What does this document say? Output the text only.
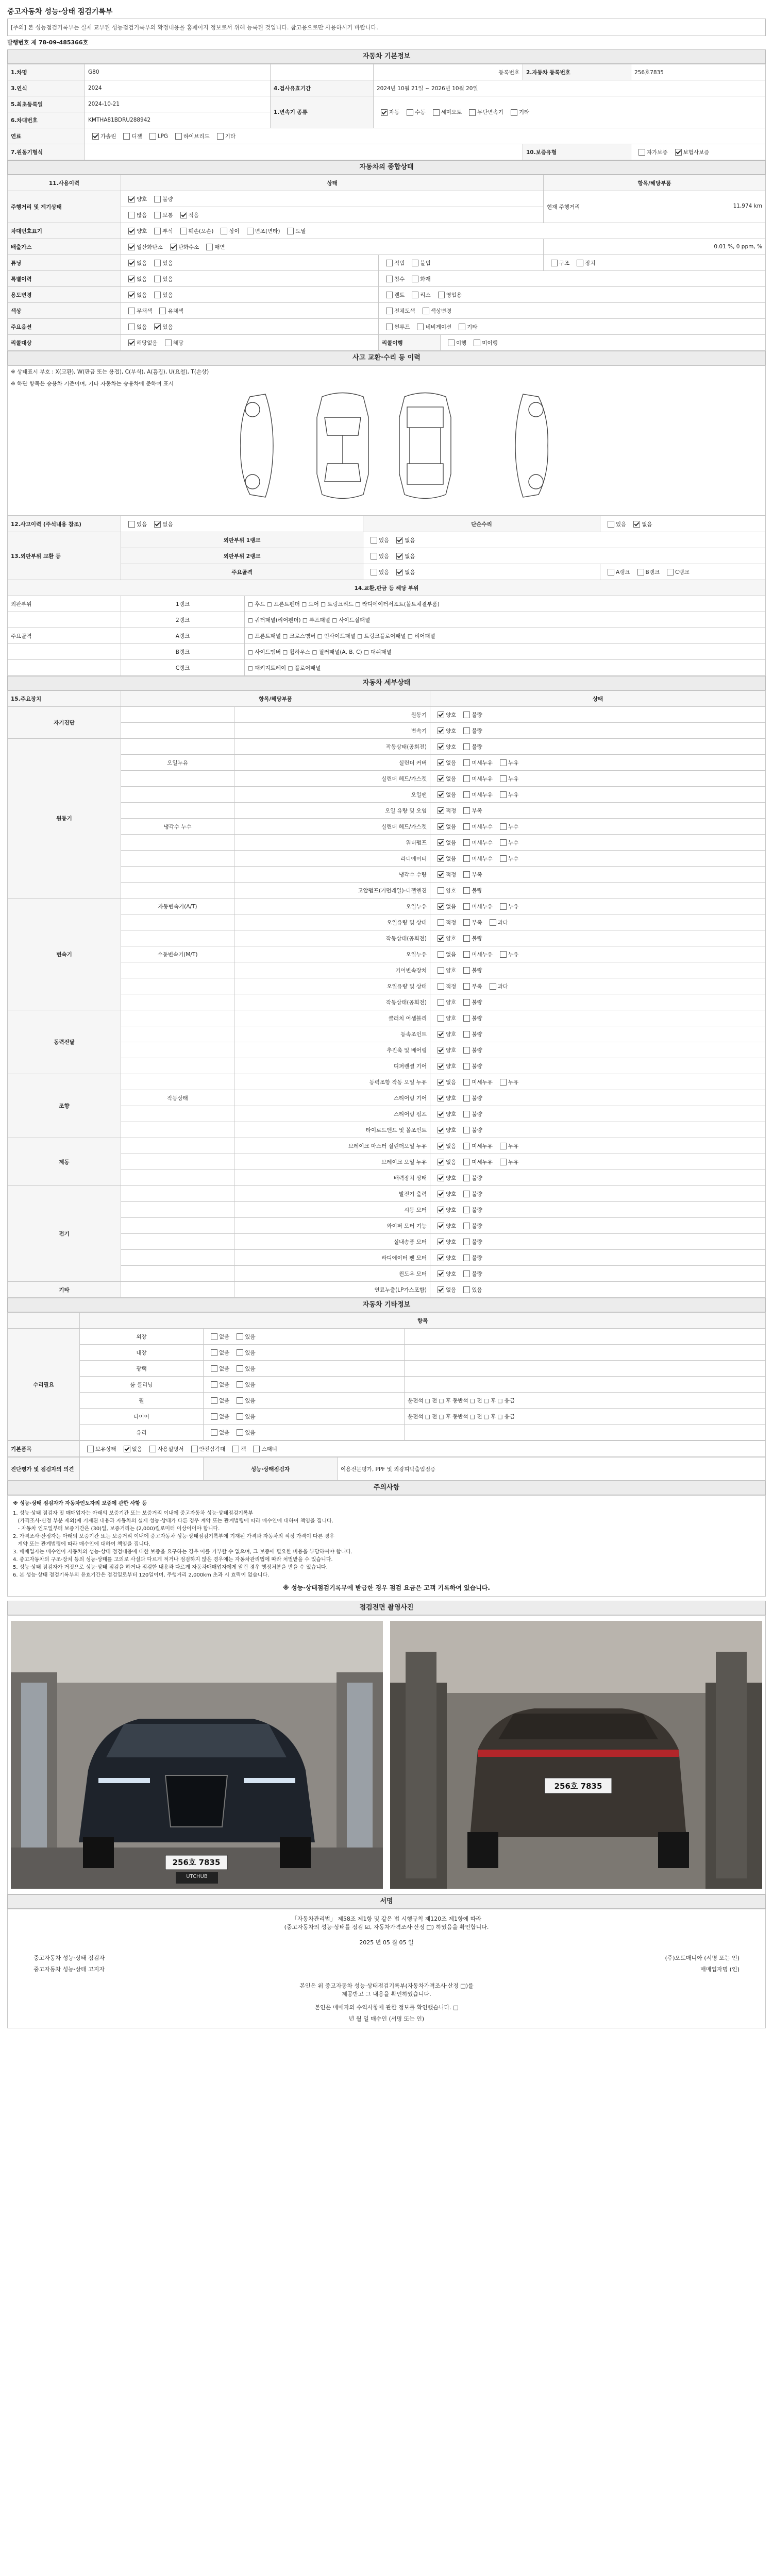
중고자동차 성능·상태 점검기록부
[주의] 본 성능점검기록부는 실제 교부된 성능점검기록부의 확정내용을 홈페이지 정보로서 위해 등록된 것입니다. 참고용으로만 사용하시기 바랍니다.
발행번호 제 78-09-485366호
자동차 기본정보
1.차명	G80		등록번호	2.자동차 등록번호	256호7835
3.연식	2024	4.검사유효기간	2024년 10월 21일 ~ 2026년 10월 20일		
5.최초등록일	2024-10-21	1.변속기 종류	자동 수동 세미오토 무단변속기 기타		
6.차대번호	KMTHA81BDRU288942				
연료	가솔린 디젤 LPG 하이브리드 기타				
7.원동기형식				10.보증유형	자가보증 보험사보증
자동차의 종합상태
11.사용이력	상태			항목/해당부품
주행거리 및 계기상태	양호 불량			현재 주행거리 11,974 km

	많음 보통 적음			
차대번호표기	양호 부식 훼손(오손) 상이 변조(변타) 도말			
배출가스	일산화탄소 탄화수소 매연			0.01 %, 0 ppm, %
튜닝	없음 있음	적법 불법		구조 장치
특별이력	없음 있음	침수 화재		
용도변경	없음 있음	렌트 리스 영업용		
색상	무채색 유채색	전체도색 색상변경		
주요옵션	없음 있음	썬루프 네비게이션 기타		
리콜대상	해당없음 해당	리콜이행	이행 미이행	
사고 교환·수리 등 이력
※ 상태표시 부호 : X(교환), W(판금 또는 용접), C(부식), A(흠집), U(요철), T(손상)
※ 하단 항목은 승용차 기준이며, 기타 자동차는 승용차에 준하여 표시
12.사고이력 (주석내용 참조)	있음 없음		단순수리	있음 없음
13.외판부위 교환 등	외판부위 1랭크		있음 없음	
	외판부위 2랭크		있음 없음	
	주요골격		있음 없음	A랭크 B랭크 C랭크
14.교환,판금 등 해당 부위				
외판부위	1랭크	□ 후드 □ 프론트펜더 □ 도어 □ 트렁크리드 □ 라디에이터서포트(볼트체결부품)		
	2랭크	□ 쿼터패널(리어펜더) □ 루프패널 □ 사이드실패널		
주요골격	A랭크	□ 프론트패널 □ 크로스멤버 □ 인사이드패널 □ 트렁크플로어패널 □ 리어패널		
	B랭크	□ 사이드멤버 □ 휠하우스 □ 필러패널(A, B, C) □ 대쉬패널		
	C랭크	□ 패키지트레이 □ 플로어패널		
자동차 세부상태
15.주요장치	항목/해당부품		상태
자기진단		원동기	양호 불량
		변속기	양호 불량
원동기		작동상태(공회전)	양호 불량
	오일누유	실린더 커버	없음 미세누유 누유
		실린더 헤드/가스켓	없음 미세누유 누유
		오일팬	없음 미세누유 누유
		오일 유량 및 오염	적정 부족
	냉각수 누수	실린더 헤드/가스켓	없음 미세누수 누수
		워터펌프	없음 미세누수 누수
		라디에이터	없음 미세누수 누수
		냉각수 수량	적정 부족
		고압펌프(커먼레일)-디젤엔진	양호 불량
변속기	자동변속기(A/T)	오일누유	없음 미세누유 누유
		오일유량 및 상태	적정 부족 과다
		작동상태(공회전)	양호 불량
	수동변속기(M/T)	오일누유	없음 미세누유 누유
		기어변속장치	양호 불량
		오일유량 및 상태	적정 부족 과다
		작동상태(공회전)	양호 불량
동력전달		클러치 어셈블리	양호 불량
		등속조인트	양호 불량
		추진축 및 베어링	양호 불량
		디퍼렌셜 기어	양호 불량
조향		동력조향 작동 오일 누유	없음 미세누유 누유
	작동상태	스티어링 기어	양호 불량
		스티어링 펌프	양호 불량
		타이로드엔드 및 볼조인트	양호 불량
제동		브레이크 마스터 실린더오일 누유	없음 미세누유 누유
		브레이크 오일 누유	없음 미세누유 누유
		배력장치 상태	양호 불량
전기		발전기 출력	양호 불량
		시동 모터	양호 불량
		와이퍼 모터 기능	양호 불량
		실내송풍 모터	양호 불량
		라디에이터 팬 모터	양호 불량
		윈도우 모터	양호 불량
기타		연료누출(LP가스포함)	없음 있음
자동차 기타정보
	항목		
수리필요	외장	없음 있음	
	내장	없음 있음	
	광택	없음 있음	
	룸 클리닝	없음 있음	
	휠	없음 있음	운전석 □ 전 □ 후 동반석 □ 전 □ 후 □ 응급
	타이어	없음 있음	운전석 □ 전 □ 후 동반석 □ 전 □ 후 □ 응급
	유리	없음 있음	
기본품목	보유상태	없음	사용설명서	안전삼각대	잭	스패너
진단평가 및 점검자의 의견		성능·상태점검자	이용전문평가, PPF 및 외광피막출입점증
주의사항
※ 성능·상태 점검자가 자동차인도자의 보증에 관한 사항 등
1. 성능·상태 점검자 및 매매업자는 아래의 보증기간 또는 보증거리 이내에 중고자동차 성능·상태점검기록부
(가격조사·산정 부분 제외)에 기재된 내용과 자동차의 실제 성능·상태가 다른 경우 계약 또는 관계법령에 따라 매수인에 대하여 책임을 집니다.
- 자동차 인도일부터 보증기간은 (30)일, 보증거리는 (2,000)킬로미터 이상이어야 합니다.
2. 가격조사·산정자는 아래의 보증기간 또는 보증거리 이내에 중고자동차 성능·상태점검기록부에 기재된 가격과 자동차의 적정 가격이 다른 경우
계약 또는 관계법령에 따라 매수인에 대하여 책임을 집니다.
3. 매매업자는 매수인이 자동차의 성능·상태 점검내용에 대한 보증을 요구하는 경우 이를 거부할 수 없으며, 그 보증에 필요한 비용을 부담하여야 합니다.
4. 중고자동차의 구조·장치 등의 성능·상태를 고의로 사실과 다르게 적거나 점검하지 않은 경우에는 자동차관리법에 따라 처벌받을 수 있습니다.
5. 성능·상태 점검자가 거짓으로 성능·상태 점검을 하거나 점검한 내용과 다르게 자동차매매업자에게 알린 경우 행정처분을 받을 수 있습니다.
6. 본 성능·상태 점검기록부의 유효기간은 점검일로부터 120일이며, 주행거리 2,000km 초과 시 효력이 없습니다.
※ 성능·상태점검기록부에 받급한 경우 점검 요금은 고객 기록하여 있습니다.
점검전면 촬영사진
256호 7835
UTCHUB
256호 7835
서명
「자동차관리법」 제58조 제1항 및 같은 법 시행규칙 제120조 제1항에 따라
(중고자동차의 성능·상태를 점검 ☑, 자동차가격조사·산정 □) 하였음을 확인합니다.
2025 년 05 월 05 일
중고자동차 성능·상태 점검자	(주)오토매니아 (서명 또는 인)
중고자동차 성능·상태 고지자	매매업자명 (인)
본인은 위 중고자동차 성능·상태점검기록부(자동차가격조사·산정 □)를
제공받고 그 내용을 확인하였습니다.
본인은 매매자의 수익사항에 관한 정보를 확인했습니다. □
년 월 일 매수인 (서명 또는 인)
